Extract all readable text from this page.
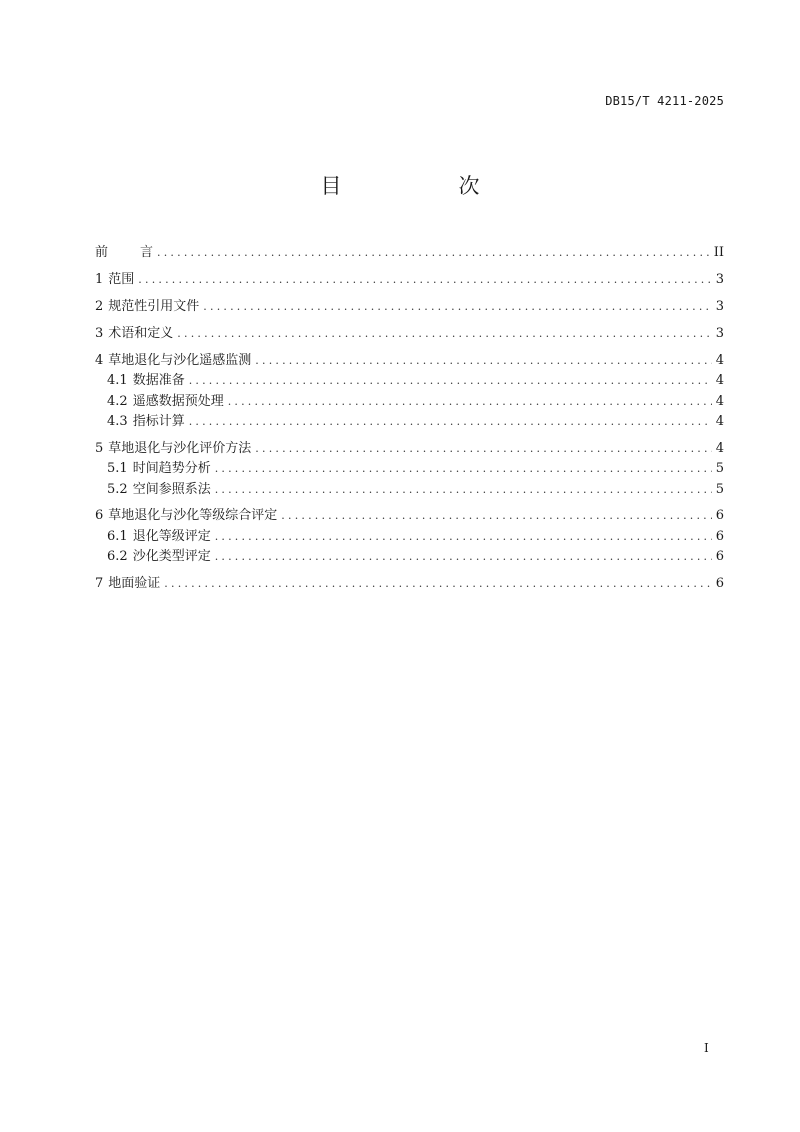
DB15/T 4211-2025
目　次
前言 .....	II
1 范围 .....	3
2 规范性引用文件 .....	3
3 术语和定义 .....	3
4 草地退化与沙化遥感监测 .....	4
4.1 数据准备 .....	4
4.2 遥感数据预处理 .....	4
4.3 指标计算 .....	4
5 草地退化与沙化评价方法 .....	4
5.1 时间趋势分析 .....	5
5.2 空间参照系法 .....	5
6 草地退化与沙化等级综合评定 .....	6
6.1 退化等级评定 .....	6
6.2 沙化类型评定 .....	6
7 地面验证 .....	6
I
